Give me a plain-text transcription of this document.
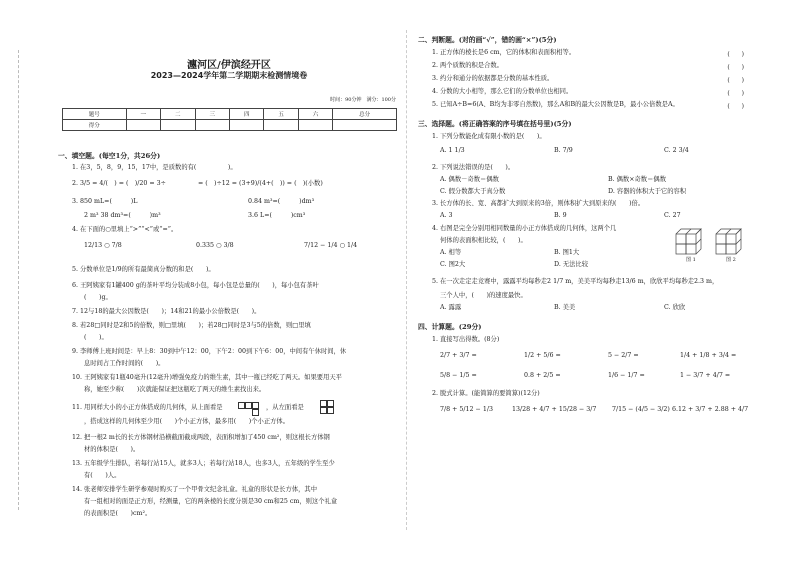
瀍河区/伊滨经开区
2023—2024学年第二学期期末检测情境卷
时间：90分钟　满分：100分
题号	一	二	三	四	五	六	总分
得分							
一、填空题。(每空1分，共26分)
1. 在3，5，8，9，15，17中，是质数的有(　　　　　)。
2. 3/5 = 4/(　) = (　)/20 = 3÷	= (　)÷12 = (3+9)/(4+(　)) = (　)(小数)
3. 850 mL=(　　　)L	0.84 m³=(　　　)dm³
2 m³ 38 dm³=(　　　)m³	3.6 L=(　　　)cm³
4. 在下面的○里填上“>”“<”或“=”。
12/13 ○ 7/8	0.335 ○ 3/8	7/12 − 1/4 ○ 1/4
5. 分数单位是1/9的所有最简真分数的和是(　　)。
6. 王阿姨家有1罐400 g的茶叶平均分装成8小包，每小包是总量的(　　)，每小包有茶叶
(　　)g。
7. 12与18的最大公因数是(　　)；14和21的最小公倍数是(　　)。
8. 若28□同时是2和5的倍数，则□里填(　　)；若28□同时是3与5的倍数，则□里填
(　　)。
9. 李师傅上班时间是：早上8：30到中午12：00，下午2：00到下午6：00，中间有午休时间，休
息时间占工作时间的(　　)。
10. 王阿姨家有1瓶40毫升(12毫升)增强免疫力的维生素，其中一瓶已经吃了两天。如果要用天平
称，她至少称(　　)次就能保证把这瓶吃了两天的维生素找出来。
11. 用同样大小的小正方体搭成的几何体，从上面看是	，从左面看是
，搭成这样的几何体至少用(　　)个小正方体，最多用(　　)个小正方体。
12. 把一根2 m长的长方体钢材沿横截面截成两段，表面积增加了450 cm²，则这根长方体钢
材的体积是(　　)。
13. 五年级学生排队，若每行站15人，就多3人；若每行站18人，也多3人，五年级的学生至少
有(　　)人。
14. 张老师安排学生研学参观时购买了一个甲骨文纪念礼盒。礼盒的形状是长方体，其中
有一组相对的面是正方形，经测量，它的两条棱的长度分别是30 cm和25 cm，则这个礼盒
的表面积是(　　)cm²。
二、判断题。(对的画“√”，错的画“×”)(5分)
1. 正方体的棱长是6 cm，它的体积和表面积相等。	(　　)
2. 两个质数的积是合数。	(　　)
3. 约分和通分的依据都是分数的基本性质。	(　　)
4. 分数的大小相等，那么它们的分数单位也相同。	(　　)
5. 已知A÷B=6(A、B均为非零自然数)，那么A和B的最大公因数是B，最小公倍数是A。	(　　)
三、选择题。(将正确答案的序号填在括号里)(5分)
1. 下列分数能化成有限小数的是(　　)。
A. 1 1/3	B. 7/9	C. 2 3/4
2. 下列说法错误的是(　　)。
A. 偶数－奇数＝偶数	B. 偶数×奇数＝偶数
C. 假分数都大于真分数	D. 容器的体积大于它的容积
3. 长方体的长、宽、高都扩大到原来的3倍，则体积扩大到原来的(　　)倍。
A. 3	B. 9	C. 27
4. 右图是完全分别用相同数量的小正方体搭成的几何体，这两个几
何体的表面积相比较，(　　)。
A. 相等	B. 图1大
C. 图2大	D. 无法比较
图 1	图 2
5. 在一次走定走竞赛中，露露平均每秒走2 1/7 m，美美平均每秒走13/6 m，欣欣平均每秒走2.3 m，
三个人中，(　　)的速度最快。
A. 露露	B. 美美	C. 欣欣
四、计算题。(29分)
1. 直接写出得数。(8分)
2/7 + 3/7 =	1/2 + 5/6 =	5 − 2/7 =	1/4 + 1/8 + 3/4 =
5/8 − 1/5 =	0.8 + 2/5 =	1/6 − 1/7 =	1 − 3/7 + 4/7 =
2. 脱式计算。(能简算的要简算)(12分)
7/8 + 5/12 − 1/3	13/28 + 4/7 + 15/28 − 3/7 7/15 − (4/5 − 3/2) 6.12 + 3/7 + 2.88 + 4/7
